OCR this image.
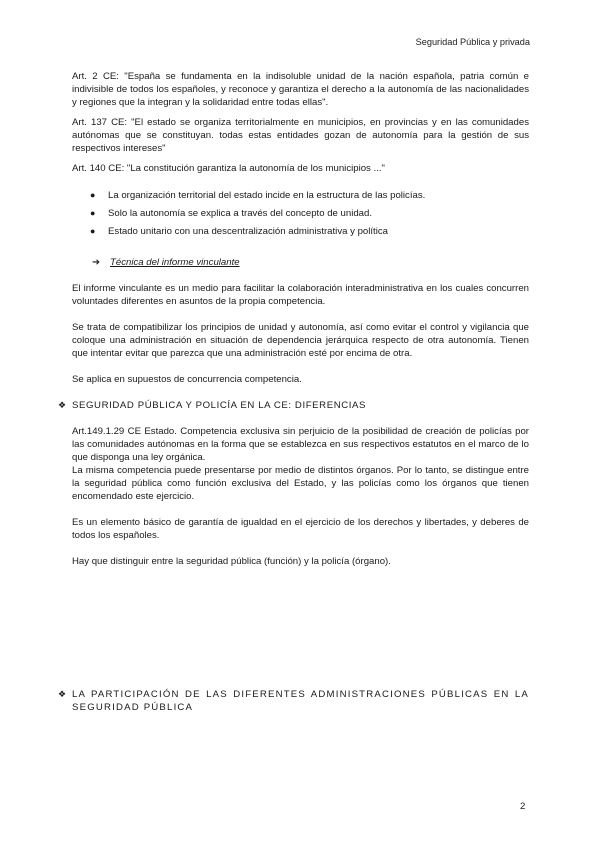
Seguridad Pública y privada

Art. 2 CE: "España se fundamenta en la indisoluble unidad de la nación española, patria común e indivisible de todos los españoles, y reconoce y garantiza el derecho a la autonomía de las nacionalidades y regiones que la integran y la solidaridad entre todas ellas".

Art. 137 CE: "El estado se organiza territorialmente en municipios, en provincias y en las comunidades autónomas que se constituyan. todas estas entidades gozan de autonomía para la gestión de sus respectivos intereses"

Art. 140 CE: "La constitución garantiza la autonomía de los municipios ..."

● La organización territorial del estado incide en la estructura de las policías.
● Solo la autonomía se explica a través del concepto de unidad.
● Estado unitario con una descentralización administrativa y política
➔ Técnica del informe vinculante

El informe vinculante es un medio para facilitar la colaboración interadministrativa en los cuales concurren voluntades diferentes en asuntos de la propia competencia.

Se trata de compatibilizar los principios de unidad y autonomía, así como evitar el control y vigilancia que coloque una administración en situación de dependencia jerárquica respecto de otra autonomía. Tienen que intentar evitar que parezca que una administración esté por encima de otra.

Se aplica en supuestos de concurrencia competencia.

❖ SEGURIDAD PÚBLICA Y POLICÍA EN LA CE: DIFERENCIAS

Art.149.1.29 CE Estado. Competencia exclusiva sin perjuicio de la posibilidad de creación de policías por las comunidades autónomas en la forma que se establezca en sus respectivos estatutos en el marco de lo que disponga una ley orgánica.

La misma competencia puede presentarse por medio de distintos órganos. Por lo tanto, se distingue entre la seguridad pública como función exclusiva del Estado, y las policías como los órganos que tienen encomendado este ejercicio.

Es un elemento básico de garantía de igualdad en el ejercicio de los derechos y libertades, y deberes de todos los españoles.

Hay que distinguir entre la seguridad pública (función) y la policía (órgano).

❖ LA PARTICIPACIÓN DE LAS DIFERENTES ADMINISTRACIONES PÚBLICAS EN LA SEGURIDAD PÚBLICA
2
